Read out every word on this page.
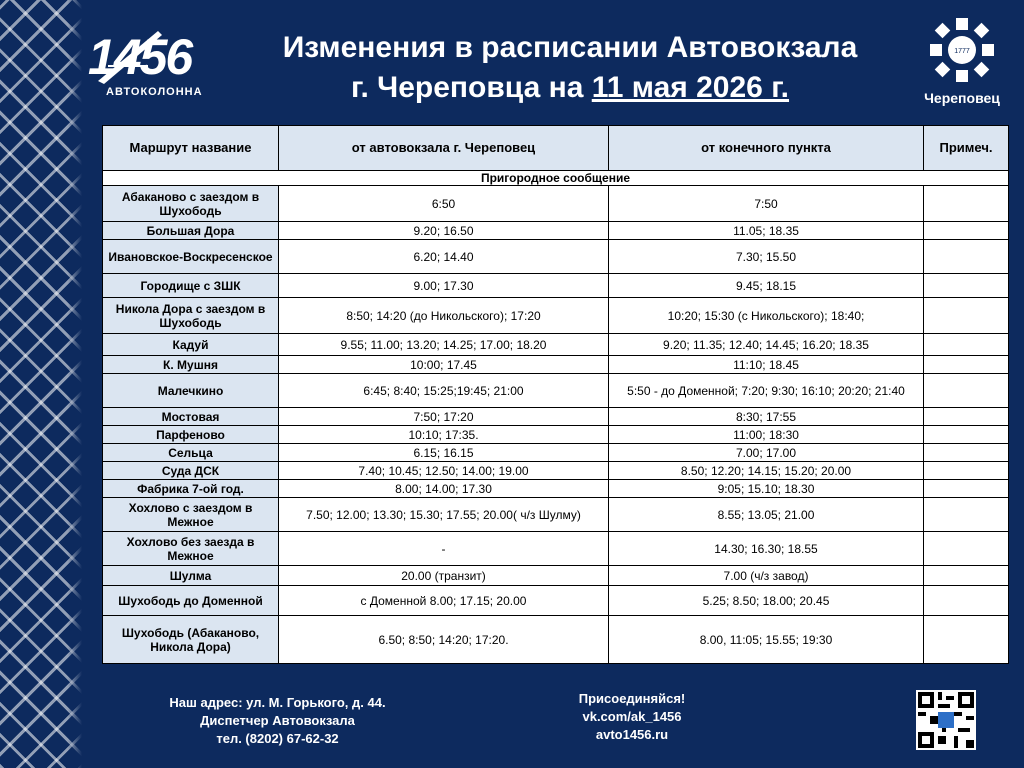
1456
АВТОКОЛОННА
Изменения в расписании Автовокзала
г. Череповца на 11 мая 2026 г.
1777
Череповец
Маршрут название	от автовокзала г. Череповец	от конечного пункта	Примеч.
Пригородное сообщение			
Абаканово с заездом в Шухободь	6:50	7:50	
Большая Дора	9.20; 16.50	11.05; 18.35	
Ивановское-Воскресенское	6.20; 14.40	7.30; 15.50	
Городище с ЗШК	9.00; 17.30	9.45; 18.15	
Никола Дора с заездом в Шухободь	8:50; 14:20 (до Никольского); 17:20	10:20; 15:30 (с Никольского); 18:40;	
Кадуй	9.55; 11.00; 13.20; 14.25; 17.00; 18.20	9.20; 11.35; 12.40; 14.45; 16.20; 18.35	
К. Мушня	10:00; 17.45	11:10; 18.45	
Малечкино	6:45; 8:40; 15:25;19:45; 21:00	5:50 - до Доменной; 7:20; 9:30; 16:10; 20:20; 21:40	
Мостовая	7:50; 17:20	8:30; 17:55	
Парфеново	10:10; 17:35.	11:00; 18:30	
Сельца	6.15; 16.15	7.00; 17.00	
Суда ДСК	7.40; 10.45; 12.50; 14.00; 19.00	8.50; 12.20; 14.15; 15.20; 20.00	
Фабрика 7-ой год.	8.00; 14.00; 17.30	9:05; 15.10; 18.30	
Хохлово с заездом в Межное	7.50; 12.00; 13.30; 15.30; 17.55; 20.00( ч/з Шулму)	8.55; 13.05; 21.00	
Хохлово без заезда в Межное	-	14.30; 16.30; 18.55	
Шулма	20.00 (транзит)	7.00 (ч/з завод)	
Шухободь до Доменной	с Доменной 8.00; 17.15; 20.00	5.25; 8.50; 18.00; 20.45	
Шухободь (Абаканово, Никола Дора)	6.50; 8:50; 14:20; 17:20.	8.00, 11:05; 15.55; 19:30	
Наш адрес: ул. М. Горького, д. 44.
Диспетчер Автовокзала
тел. (8202) 67-62-32
Присоединяйся!
vk.com/ak_1456
avto1456.ru
